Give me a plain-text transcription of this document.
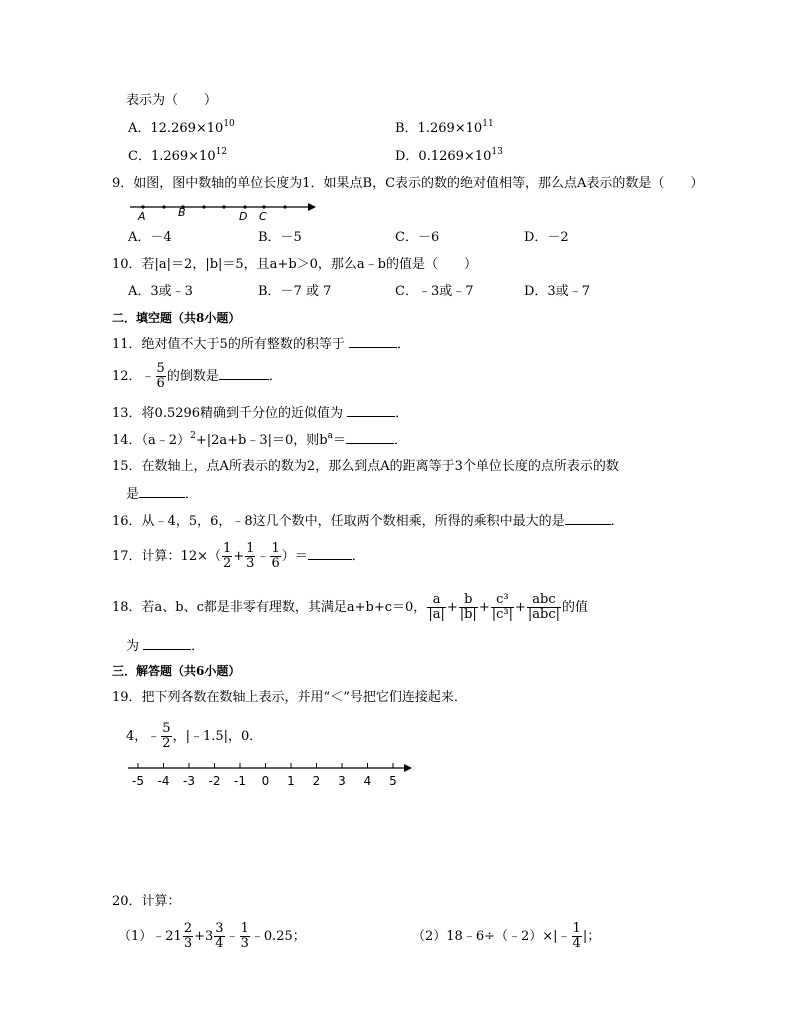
表示为（　　）
A．$12.269\times 10^{10}$	B．$1.269\times 10^{11}$
C．$1.269\times 10^{12}$	D．$0.1269\times 10^{13}$
9．如图，图中数轴的单位长度为1．如果点B，C表示的数的绝对值相等，那么点A表示的数是（　　）
A	B	D C
A．－4	B．－5	C．－6	D．－2
10．若|a|＝2，|b|＝5，且a+b＞0，那么a﹣b的值是（　　）
A．3或﹣3	B．－7 或 7	C．﹣3或﹣7	D．3或﹣7
二．填空题（共8小题）
11．绝对值不大于5的所有整数的积等于	．
12．﹣ $\frac{5}{6}$ 的倒数是	．
13．将0.5296精确到千分位的近似值为	．
14．（a﹣2）$^2$+|2a+b﹣3|＝0，则$b^a=$	．
15．在数轴上，点A所表示的数为2，那么到点A的距离等于3个单位长度的点所表示的数
是	．
16．从﹣4，5，6，﹣8这几个数中，任取两个数相乘，所得的乘积中最大的是	．
17．计算：$12\times( \frac{1}{2} + \frac{1}{3}$ ﹣ $\frac{1}{6}$ ）＝	．
18．若a、b、c都是非零有理数，其满足a+b+c＝0， $\frac{a}{|a|} + \frac{b}{|b|} + \frac{\text{c³}}{\text{|c³|}} + \frac{\text{abc}}{\text{|abc|}}$ 的值
为	．
三．解答题（共6小题）
19．把下列各数在数轴上表示，并用“＜”号把它们连接起来．
4，﹣ $\frac{5}{2}$ ，|﹣1.5|，0．
-5 -4 -3 -2 -1 0 1 2 3 4 5
20．计算：
（1）﹣21 $\frac{2}{3} +3 \frac{3}{4}$ ﹣ $\frac{1}{3}$ ﹣0.25；	（2）18﹣6÷（﹣2）×|﹣ $\frac{1}{4}$ |；
